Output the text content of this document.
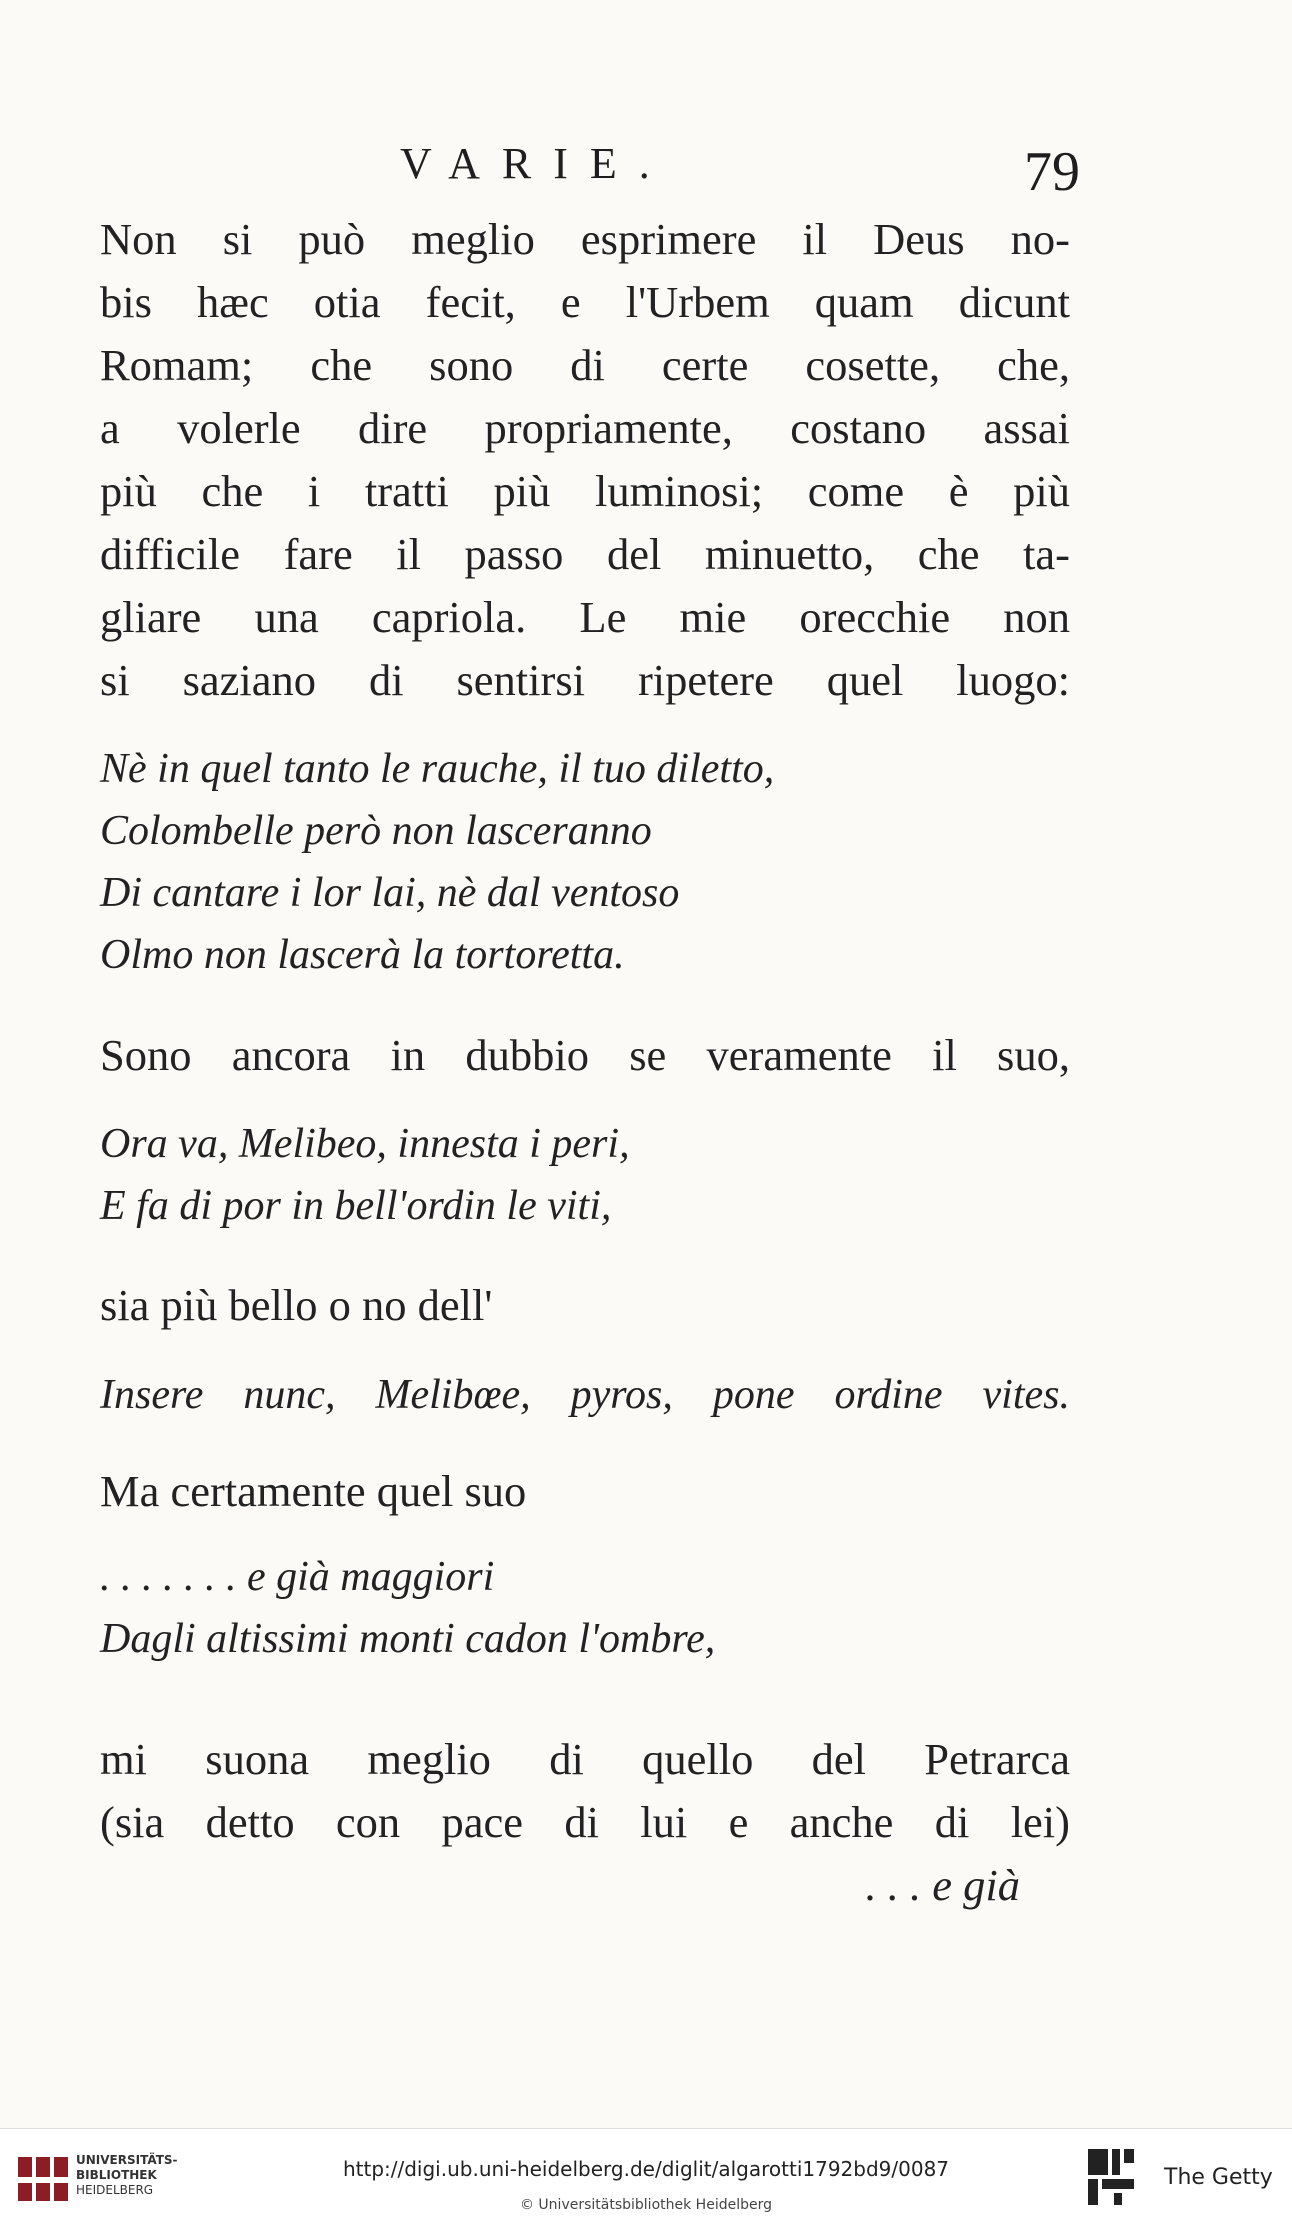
VARIE.	79
Non si può meglio esprimere il Deus no-
bis hæc otia fecit, e l'Urbem quam dicunt
Romam; che sono di certe cosette, che,
a volerle dire propriamente, costano assai
più che i tratti più luminosi; come è più
difficile fare il passo del minuetto, che ta-
gliare una capriola. Le mie orecchie non
si saziano di sentirsi ripetere quel luogo:
Nè in quel tanto le rauche, il tuo diletto,
Colombelle però non lasceranno
Di cantare i lor lai, nè dal ventoso
Olmo non lascerà la tortoretta.
Sono ancora in dubbio se veramente il suo,
Ora va, Melibeo, innesta i peri,
E fa di por in bell'ordin le viti,
sia più bello o no dell'
Insere nunc, Melibœe, pyros, pone ordine vites.
Ma certamente quel suo
. . . . . . . e già maggiori
Dagli altissimi monti cadon l'ombre,
mi suona meglio di quello del Petrarca
(sia detto con pace di lui e anche di lei)
. . . e già
UNIVERSITÄTS-
BIBLIOTHEK
HEIDELBERG
http://digi.ub.uni-heidelberg.de/diglit/algarotti1792bd9/0087
© Universitätsbibliothek Heidelberg
The Getty
